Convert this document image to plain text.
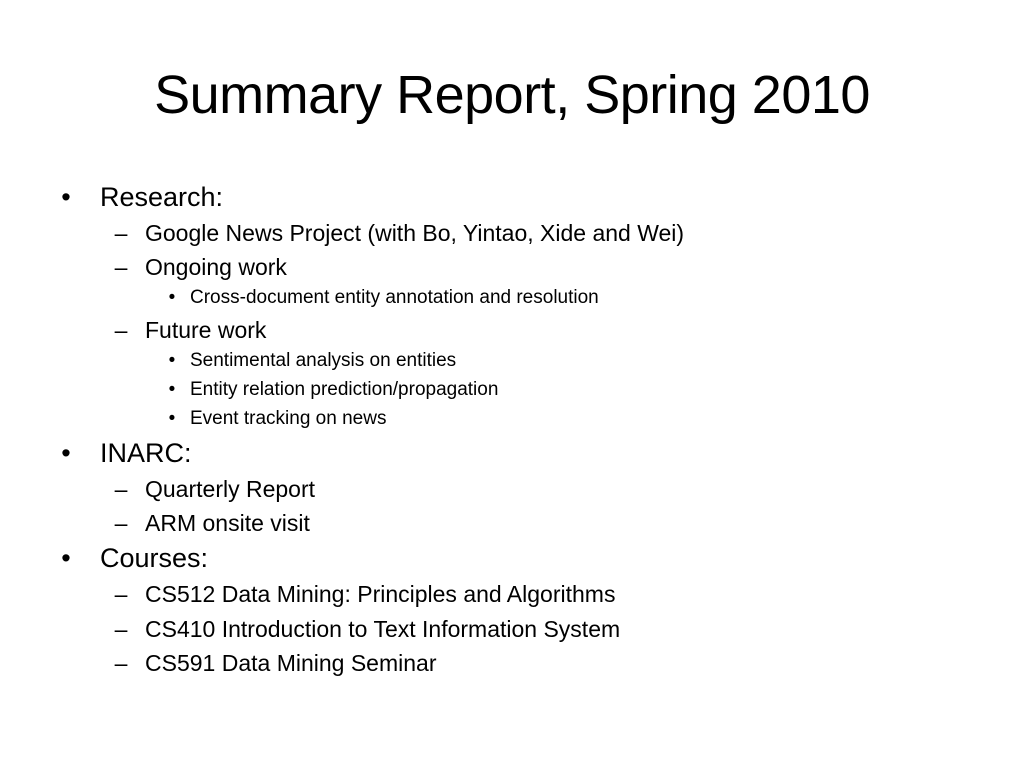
Summary Report, Spring 2010
• Research:
– Google News Project (with Bo, Yintao, Xide and Wei)
– Ongoing work
• Cross-document entity annotation and resolution
– Future work
• Sentimental analysis on entities
• Entity relation prediction/propagation
• Event tracking on news
• INARC:
– Quarterly Report
– ARM onsite visit
• Courses:
– CS512 Data Mining: Principles and Algorithms
– CS410 Introduction to Text Information System
– CS591 Data Mining Seminar
